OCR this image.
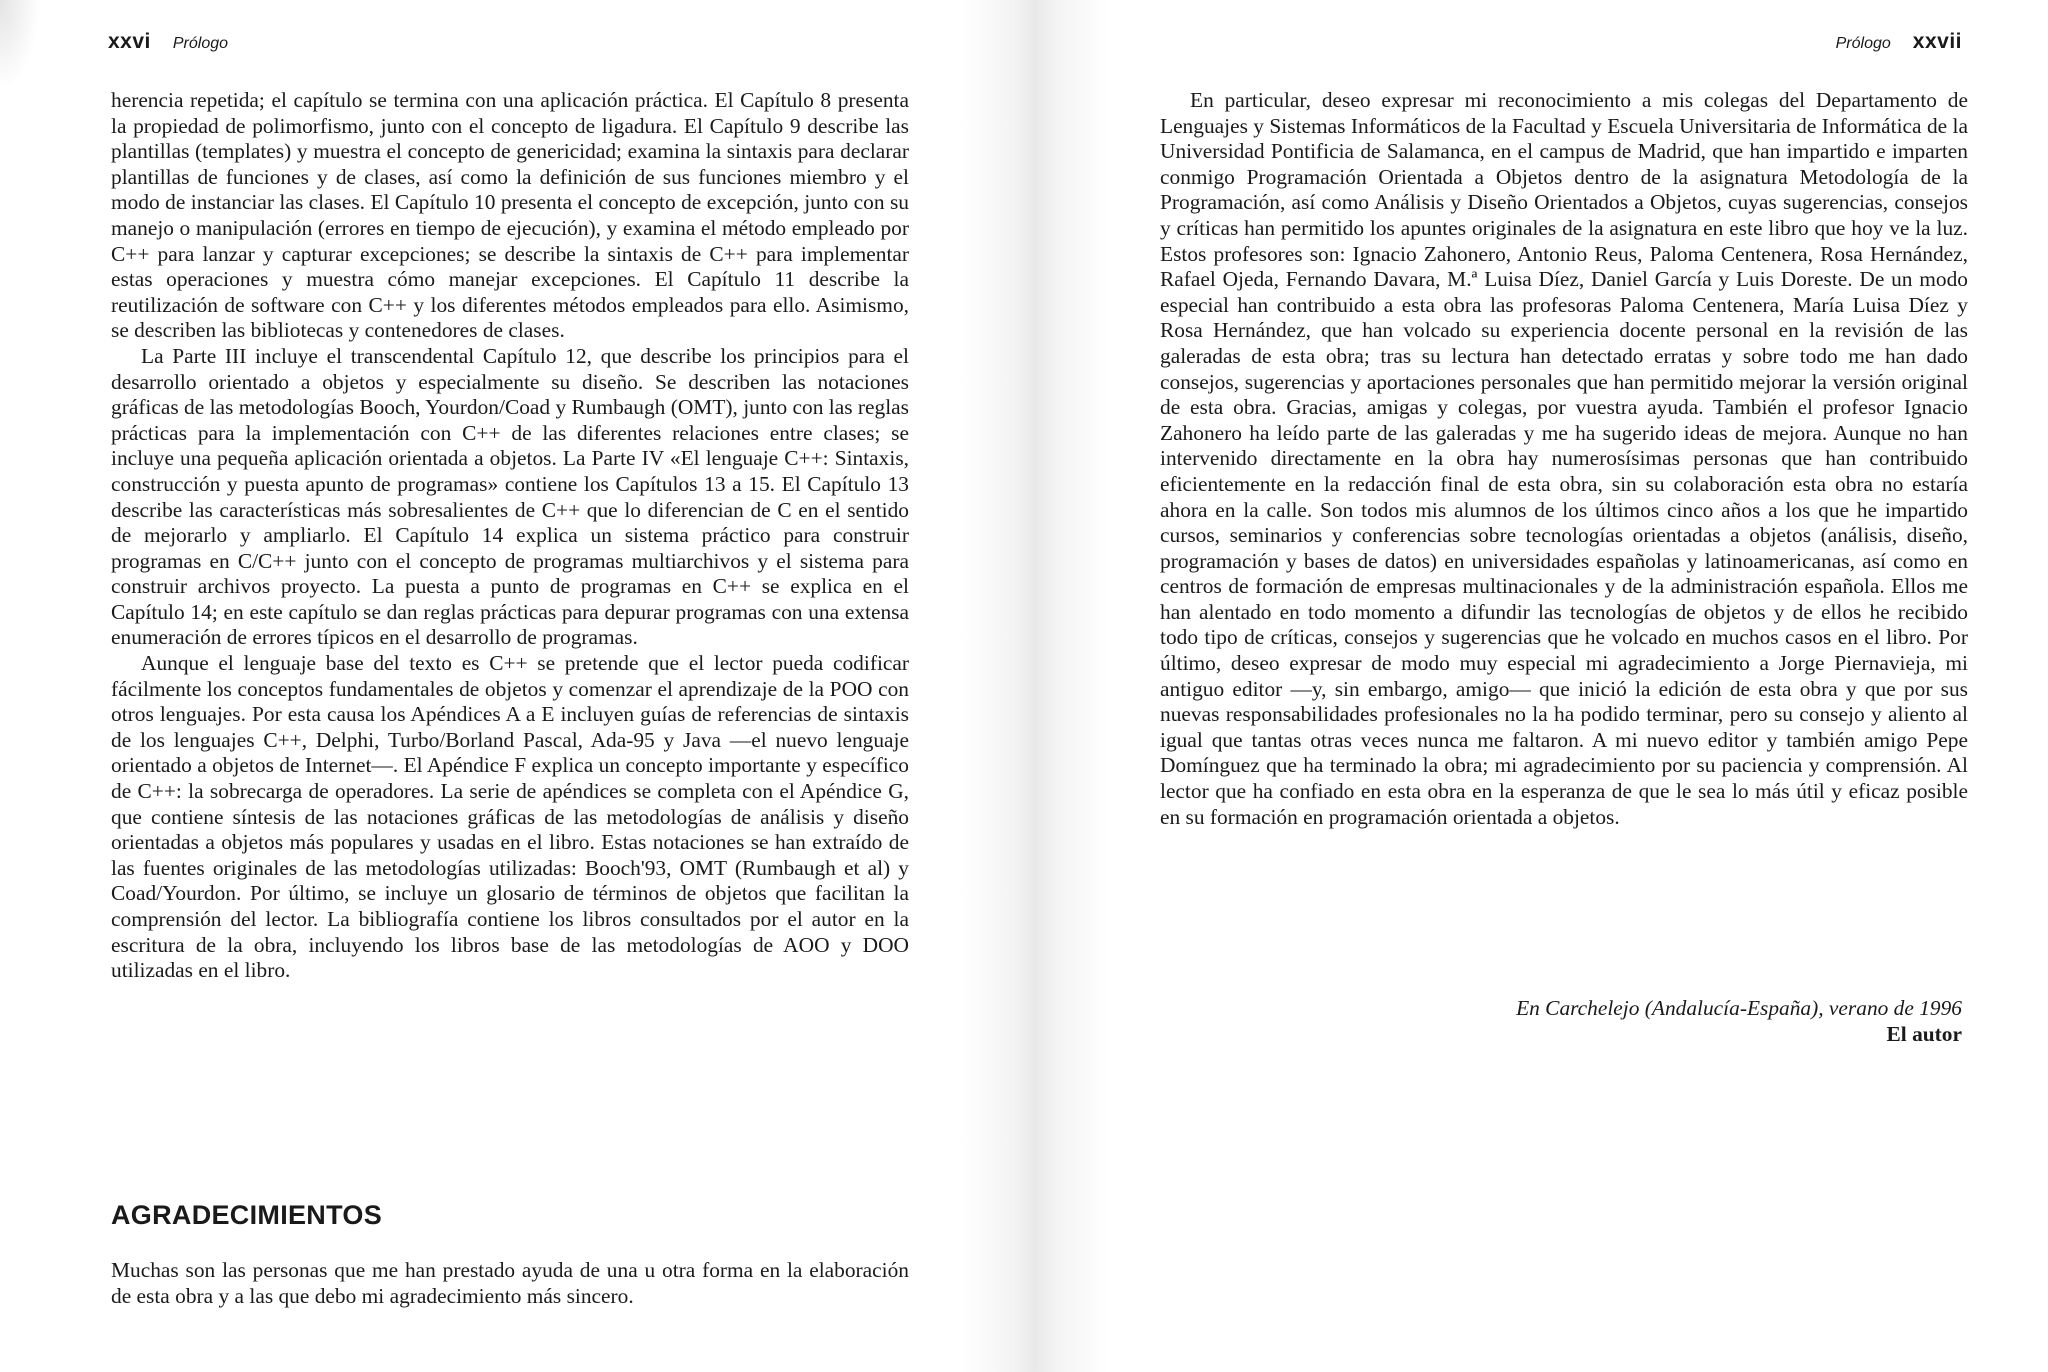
xxvi Prólogo

herencia repetida; el capítulo se termina con una aplicación práctica. El Capítulo 8 presenta la propiedad de polimorfismo, junto con el concepto de ligadura. El Capítulo 9 describe las plantillas (templates) y muestra el concepto de genericidad; examina la sintaxis para declarar plantillas de funciones y de clases, así como la definición de sus funciones miembro y el modo de instanciar las clases. El Capítulo 10 presenta el concepto de excepción, junto con su manejo o manipulación (errores en tiempo de ejecución), y examina el método empleado por C++ para lanzar y capturar excepciones; se describe la sintaxis de C++ para implementar estas operaciones y muestra cómo manejar excepciones. El Capítulo 11 describe la reutilización de software con C++ y los diferentes métodos empleados para ello. Asimismo, se describen las bibliotecas y contenedores de clases.

La Parte III incluye el transcendental Capítulo 12, que describe los principios para el desarrollo orientado a objetos y especialmente su diseño. Se describen las notaciones gráficas de las metodologías Booch, Yourdon/Coad y Rumbaugh (OMT), junto con las reglas prácticas para la implementación con C++ de las diferentes relaciones entre clases; se incluye una pequeña aplicación orientada a objetos. La Parte IV «El lenguaje C++: Sintaxis, construcción y puesta apunto de programas» contiene los Capítulos 13 a 15. El Capítulo 13 describe las características más sobresalientes de C++ que lo diferencian de C en el sentido de mejorarlo y ampliarlo. El Capítulo 14 explica un sistema práctico para construir programas en C/C++ junto con el concepto de programas multiarchivos y el sistema para construir archivos proyecto. La puesta a punto de programas en C++ se explica en el Capítulo 14; en este capítulo se dan reglas prácticas para depurar programas con una extensa enumeración de errores típicos en el desarrollo de programas.

Aunque el lenguaje base del texto es C++ se pretende que el lector pueda codificar fácilmente los conceptos fundamentales de objetos y comenzar el aprendizaje de la POO con otros lenguajes. Por esta causa los Apéndices A a E incluyen guías de referencias de sintaxis de los lenguajes C++, Delphi, Turbo/Borland Pascal, Ada-95 y Java —el nuevo lenguaje orientado a objetos de Internet—. El Apéndice F explica un concepto importante y específico de C++: la sobrecarga de operadores. La serie de apéndices se completa con el Apéndice G, que contiene síntesis de las notaciones gráficas de las metodologías de análisis y diseño orientadas a objetos más populares y usadas en el libro. Estas notaciones se han extraído de las fuentes originales de las metodologías utilizadas: Booch'93, OMT (Rumbaugh et al) y Coad/Yourdon. Por último, se incluye un glosario de términos de objetos que facilitan la comprensión del lector. La bibliografía contiene los libros consultados por el autor en la escritura de la obra, incluyendo los libros base de las metodologías de AOO y DOO utilizadas en el libro.

AGRADECIMIENTOS

Muchas son las personas que me han prestado ayuda de una u otra forma en la elaboración de esta obra y a las que debo mi agradecimiento más sincero.

Prólogo xxvii

En particular, deseo expresar mi reconocimiento a mis colegas del Departamento de Lenguajes y Sistemas Informáticos de la Facultad y Escuela Universitaria de Informática de la Universidad Pontificia de Salamanca, en el campus de Madrid, que han impartido e imparten conmigo Programación Orientada a Objetos dentro de la asignatura Metodología de la Programación, así como Análisis y Diseño Orientados a Objetos, cuyas sugerencias, consejos y críticas han permitido los apuntes originales de la asignatura en este libro que hoy ve la luz. Estos profesores son: Ignacio Zahonero, Antonio Reus, Paloma Centenera, Rosa Hernández, Rafael Ojeda, Fernando Davara, M.ª Luisa Díez, Daniel García y Luis Doreste. De un modo especial han contribuido a esta obra las profesoras Paloma Centenera, María Luisa Díez y Rosa Hernández, que han volcado su experiencia docente personal en la revisión de las galeradas de esta obra; tras su lectura han detectado erratas y sobre todo me han dado consejos, sugerencias y aportaciones personales que han permitido mejorar la versión original de esta obra. Gracias, amigas y colegas, por vuestra ayuda. También el profesor Ignacio Zahonero ha leído parte de las galeradas y me ha sugerido ideas de mejora. Aunque no han intervenido directamente en la obra hay numerosísimas personas que han contribuido eficientemente en la redacción final de esta obra, sin su colaboración esta obra no estaría ahora en la calle. Son todos mis alumnos de los últimos cinco años a los que he impartido cursos, seminarios y conferencias sobre tecnologías orientadas a objetos (análisis, diseño, programación y bases de datos) en universidades españolas y latinoamericanas, así como en centros de formación de empresas multinacionales y de la administración española. Ellos me han alentado en todo momento a difundir las tecnologías de objetos y de ellos he recibido todo tipo de críticas, consejos y sugerencias que he volcado en muchos casos en el libro. Por último, deseo expresar de modo muy especial mi agradecimiento a Jorge Piernavieja, mi antiguo editor —y, sin embargo, amigo— que inició la edición de esta obra y que por sus nuevas responsabilidades profesionales no la ha podido terminar, pero su consejo y aliento al igual que tantas otras veces nunca me faltaron. A mi nuevo editor y también amigo Pepe Domínguez que ha terminado la obra; mi agradecimiento por su paciencia y comprensión. Al lector que ha confiado en esta obra en la esperanza de que le sea lo más útil y eficaz posible en su formación en programación orientada a objetos.

En Carchelejo (Andalucía-España), verano de 1996
El autor
